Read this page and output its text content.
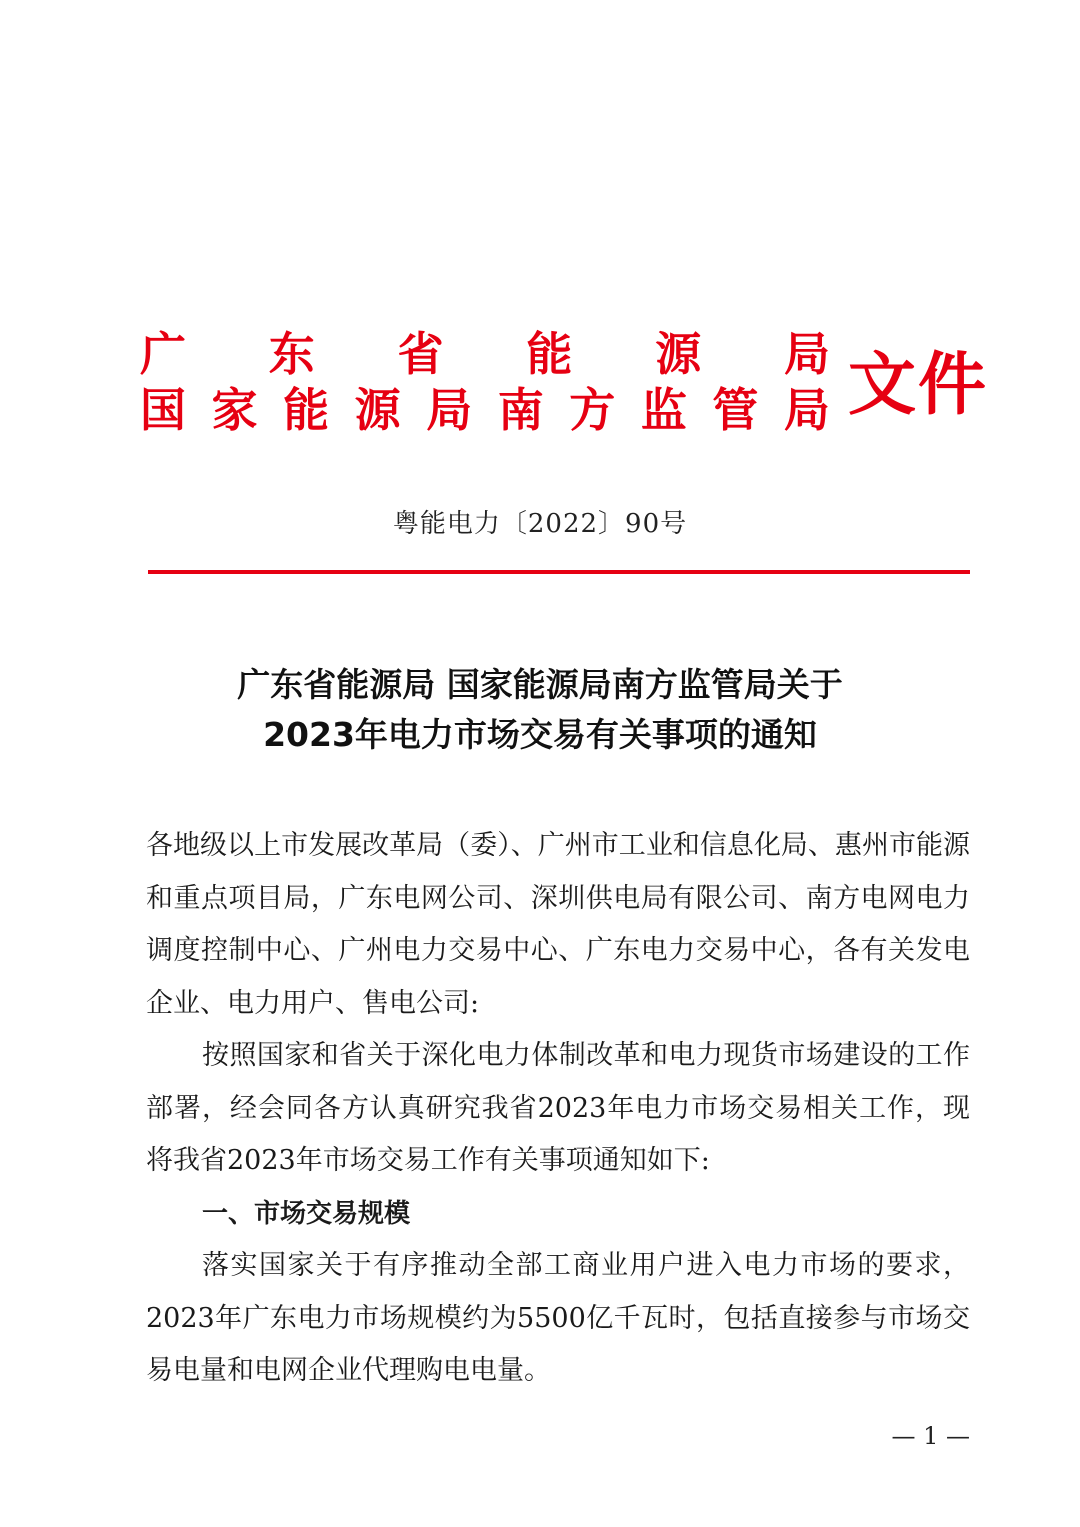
广 东 省 能 源 局
国 家 能 源 局 南 方 监 管 局 文件
粤能电力〔2022〕90号
广东省能源局 国家能源局南方监管局关于
2023年电力市场交易有关事项的通知

各地级以上市发展改革局（委）、广州市工业和信息化局、惠州市能源和重点项目局，广东电网公司、深圳供电局有限公司、南方电网电力调度控制中心、广州电力交易中心、广东电力交易中心，各有关发电企业、电力用户、售电公司:

按照国家和省关于深化电力体制改革和电力现货市场建设的工作部署，经会同各方认真研究我省2023年电力市场交易相关工作，现将我省2023年市场交易工作有关事项通知如下:

一、市场交易规模

落实国家关于有序推动全部工商业用户进入电力市场的要求，2023年广东电力市场规模约为5500亿千瓦时，包括直接参与市场交易电量和电网企业代理购电电量。

— 1 —
